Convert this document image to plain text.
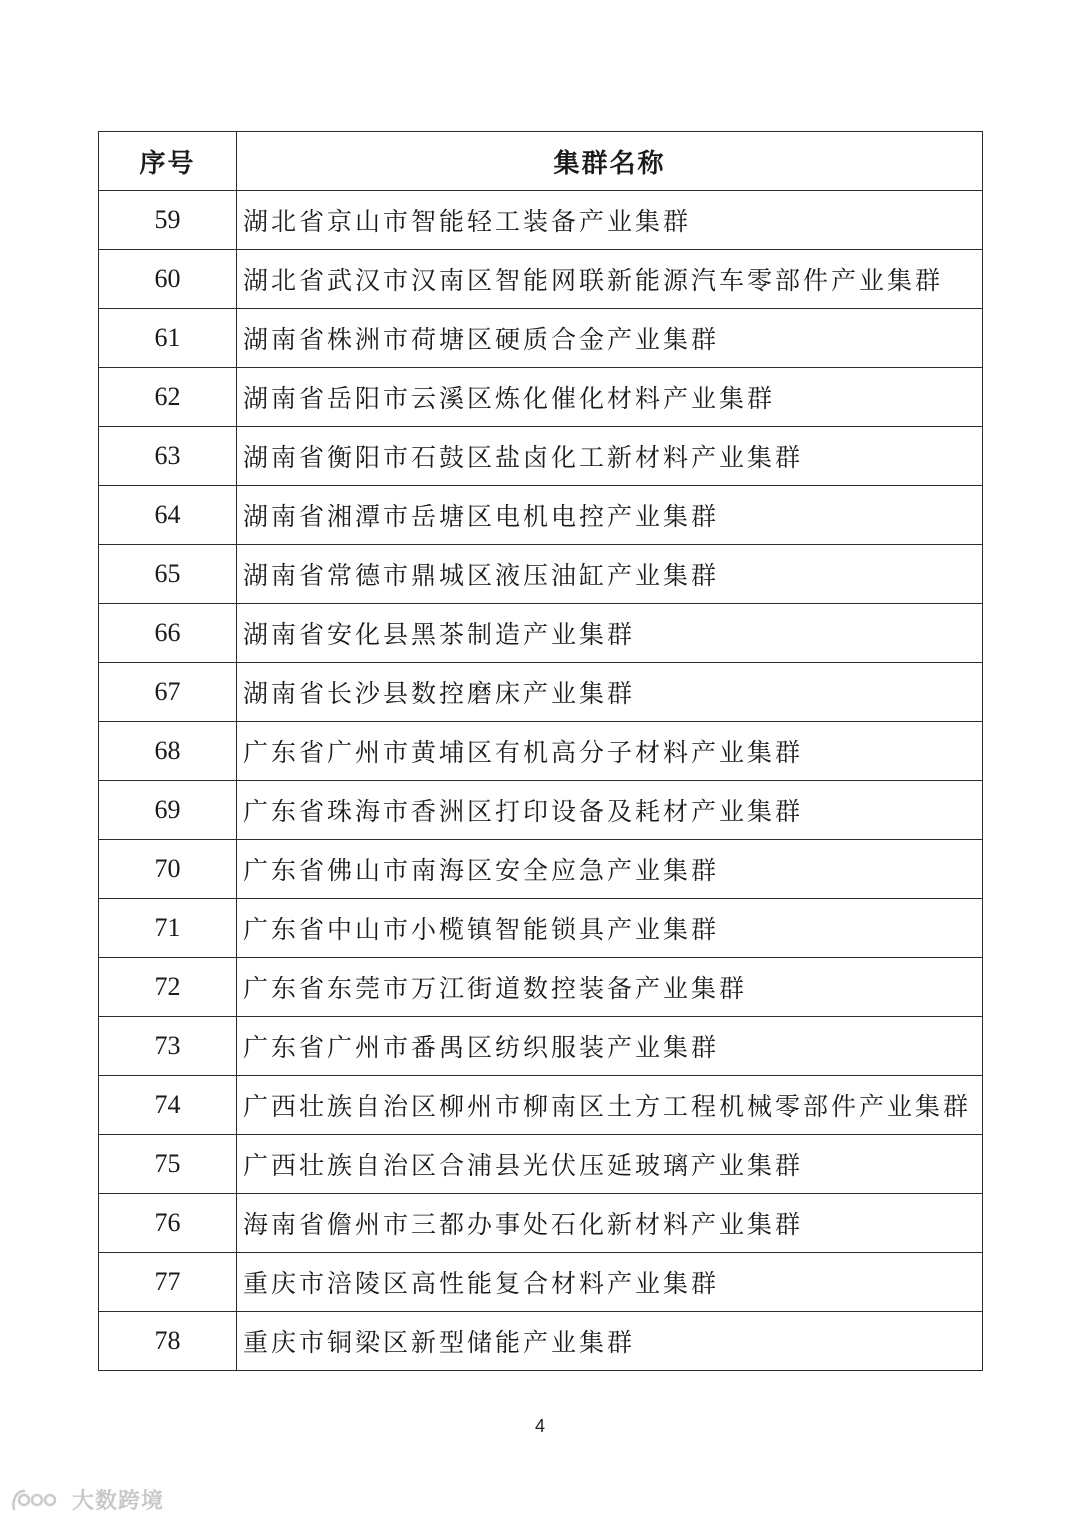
序号	集群名称
59	湖北省京山市智能轻工装备产业集群
60	湖北省武汉市汉南区智能网联新能源汽车零部件产业集群
61	湖南省株洲市荷塘区硬质合金产业集群
62	湖南省岳阳市云溪区炼化催化材料产业集群
63	湖南省衡阳市石鼓区盐卤化工新材料产业集群
64	湖南省湘潭市岳塘区电机电控产业集群
65	湖南省常德市鼎城区液压油缸产业集群
66	湖南省安化县黑茶制造产业集群
67	湖南省长沙县数控磨床产业集群
68	广东省广州市黄埔区有机高分子材料产业集群
69	广东省珠海市香洲区打印设备及耗材产业集群
70	广东省佛山市南海区安全应急产业集群
71	广东省中山市小榄镇智能锁具产业集群
72	广东省东莞市万江街道数控装备产业集群
73	广东省广州市番禺区纺织服装产业集群
74	广西壮族自治区柳州市柳南区土方工程机械零部件产业集群
75	广西壮族自治区合浦县光伏压延玻璃产业集群
76	海南省儋州市三都办事处石化新材料产业集群
77	重庆市涪陵区高性能复合材料产业集群
78	重庆市铜梁区新型储能产业集群
4
大数跨境
